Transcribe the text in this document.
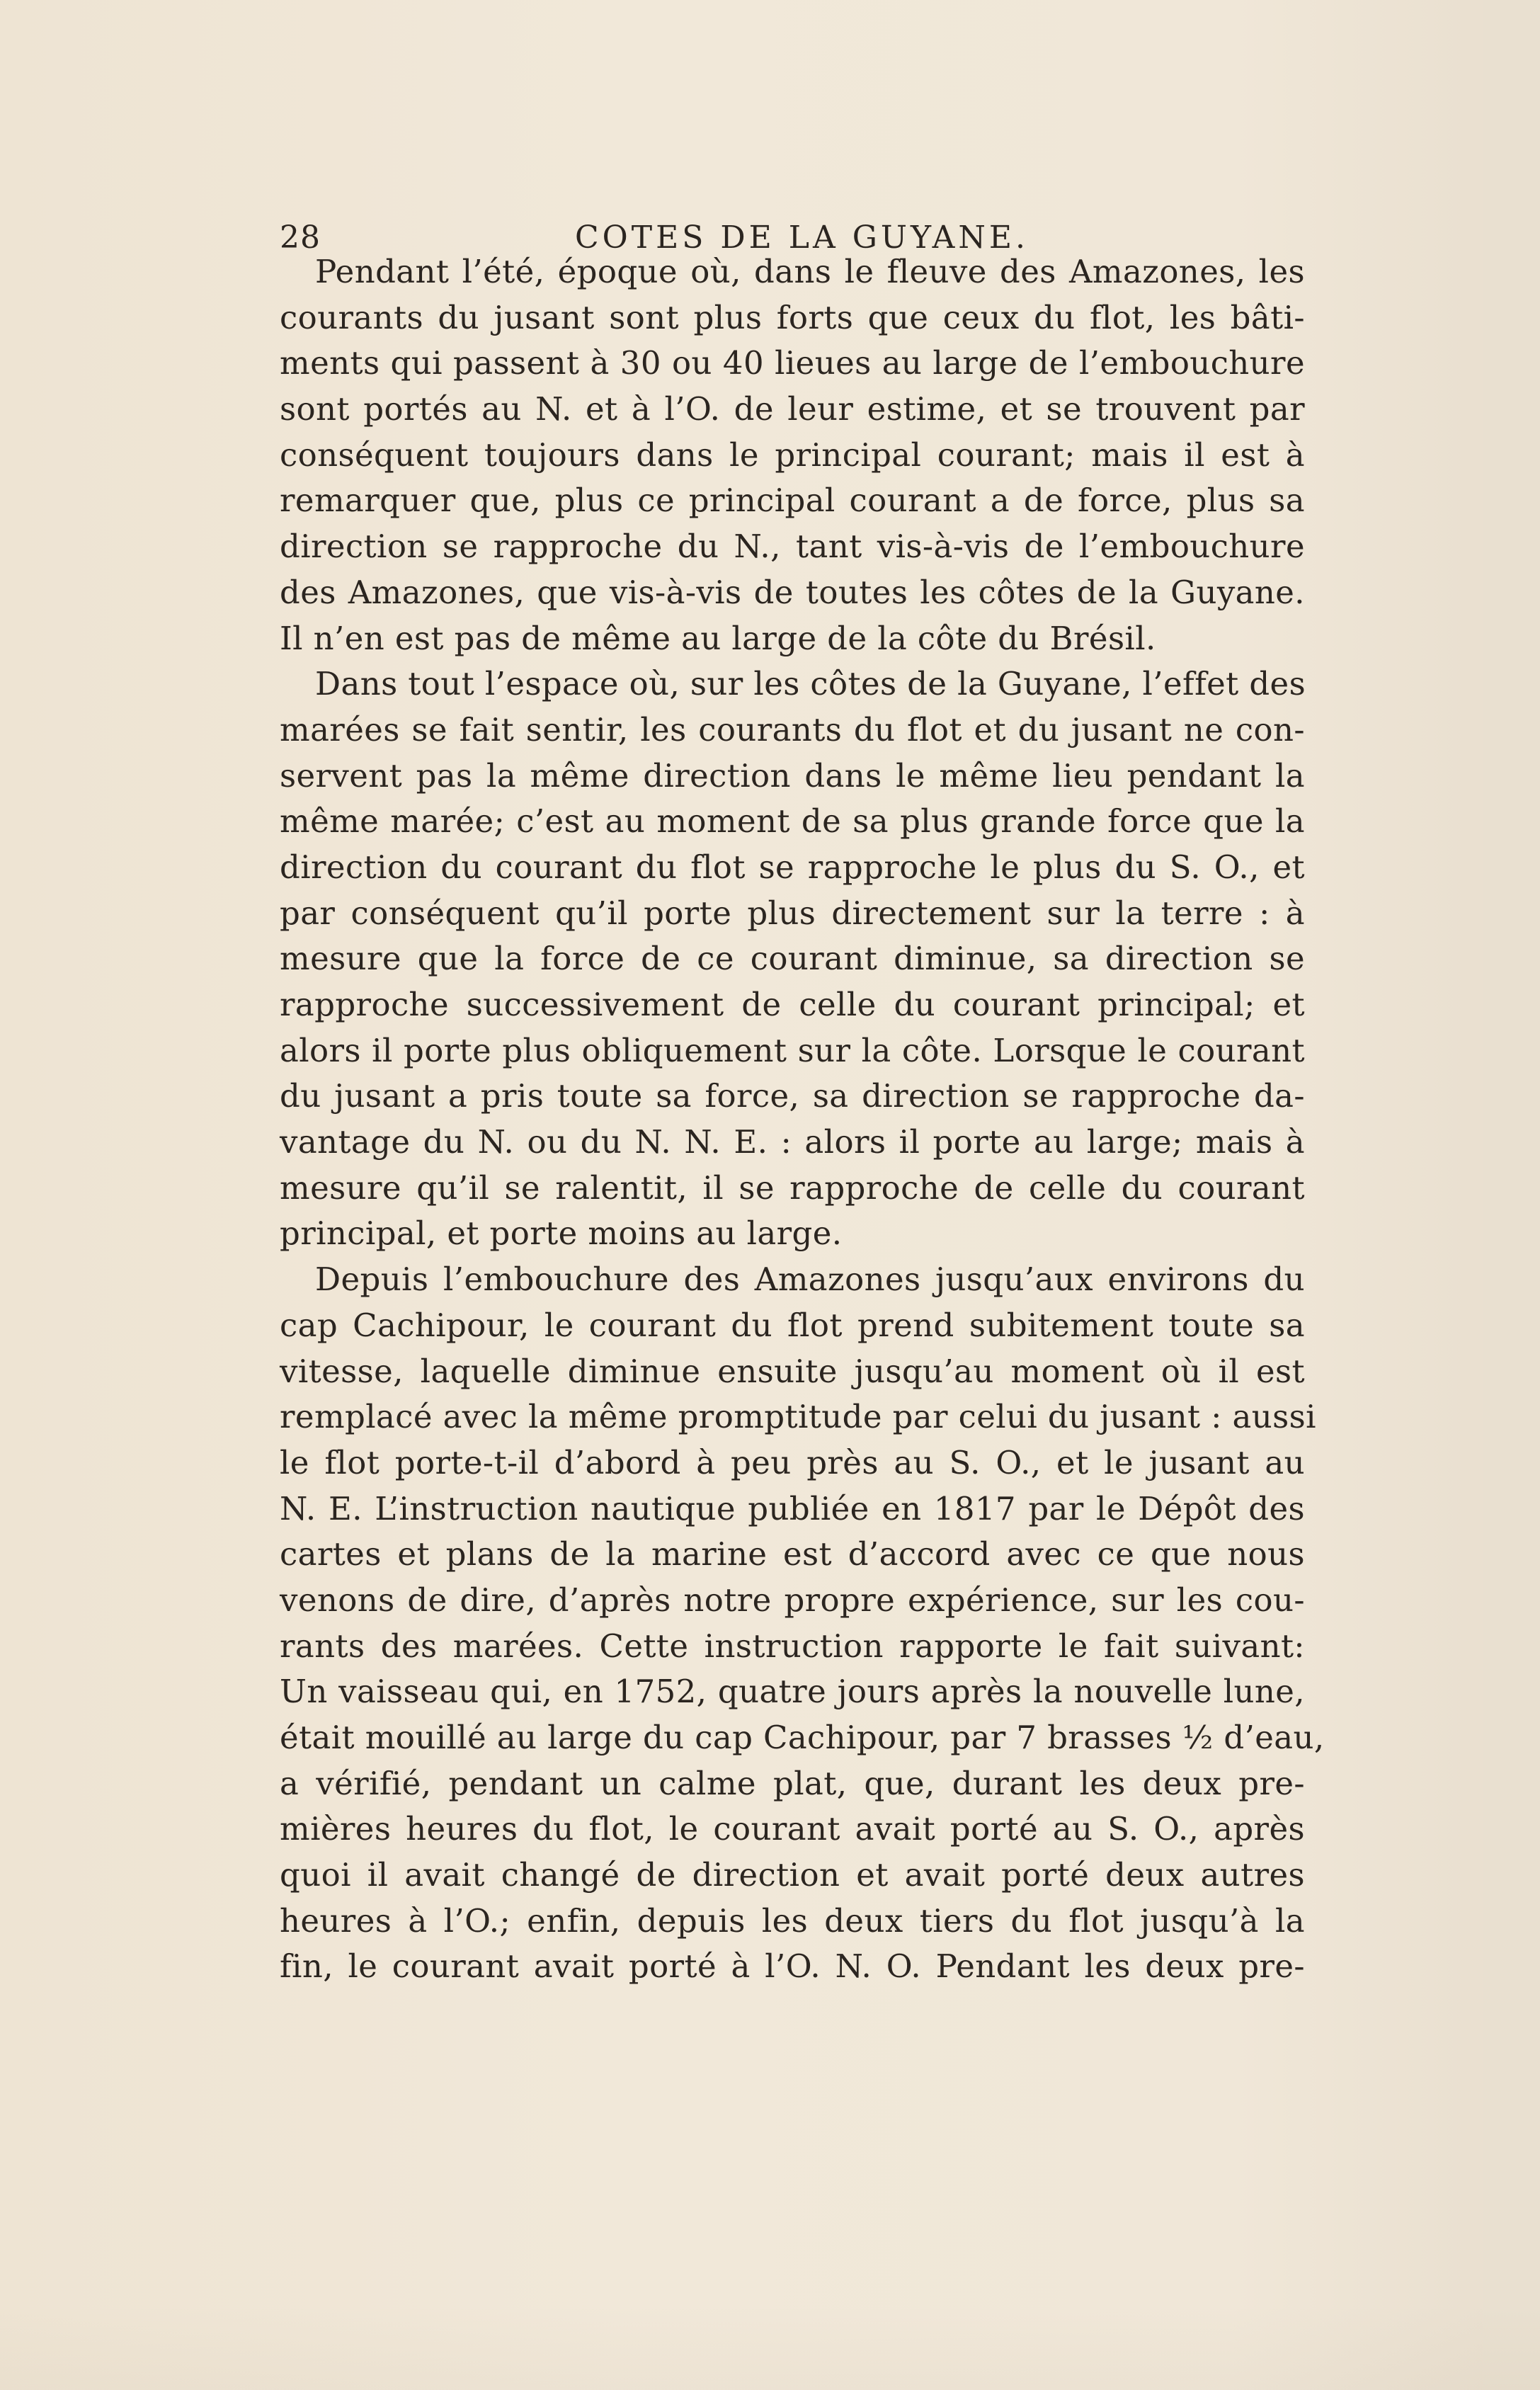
28	COTES DE LA GUYANE.
Pendant l’été, époque où, dans le fleuve des Amazones, les
courants du jusant sont plus forts que ceux du flot, les bâti-
ments qui passent à 30 ou 40 lieues au large de l’embouchure
sont portés au N. et à l’O. de leur estime, et se trouvent par
conséquent toujours dans le principal courant; mais il est à
remarquer que, plus ce principal courant a de force, plus sa
direction se rapproche du N., tant vis-à-vis de l’embouchure
des Amazones, que vis-à-vis de toutes les côtes de la Guyane.
Il n’en est pas de même au large de la côte du Brésil.
Dans tout l’espace où, sur les côtes de la Guyane, l’effet des
marées se fait sentir, les courants du flot et du jusant ne con-
servent pas la même direction dans le même lieu pendant la
même marée; c’est au moment de sa plus grande force que la
direction du courant du flot se rapproche le plus du S. O., et
par conséquent qu’il porte plus directement sur la terre : à
mesure que la force de ce courant diminue, sa direction se
rapproche successivement de celle du courant principal; et
alors il porte plus obliquement sur la côte. Lorsque le courant
du jusant a pris toute sa force, sa direction se rapproche da-
vantage du N. ou du N. N. E. : alors il porte au large; mais à
mesure qu’il se ralentit, il se rapproche de celle du courant
principal, et porte moins au large.
Depuis l’embouchure des Amazones jusqu’aux environs du
cap Cachipour, le courant du flot prend subitement toute sa
vitesse, laquelle diminue ensuite jusqu’au moment où il est
remplacé avec la même promptitude par celui du jusant : aussi
le flot porte-t-il d’abord à peu près au S. O., et le jusant au
N. E. L’instruction nautique publiée en 1817 par le Dépôt des
cartes et plans de la marine est d’accord avec ce que nous
venons de dire, d’après notre propre expérience, sur les cou-
rants des marées. Cette instruction rapporte le fait suivant:
Un vaisseau qui, en 1752, quatre jours après la nouvelle lune,
était mouillé au large du cap Cachipour, par 7 brasses ½ d’eau,
a vérifié, pendant un calme plat, que, durant les deux pre-
mières heures du flot, le courant avait porté au S. O., après
quoi il avait changé de direction et avait porté deux autres
heures à l’O.; enfin, depuis les deux tiers du flot jusqu’à la
fin, le courant avait porté à l’O. N. O. Pendant les deux pre-
